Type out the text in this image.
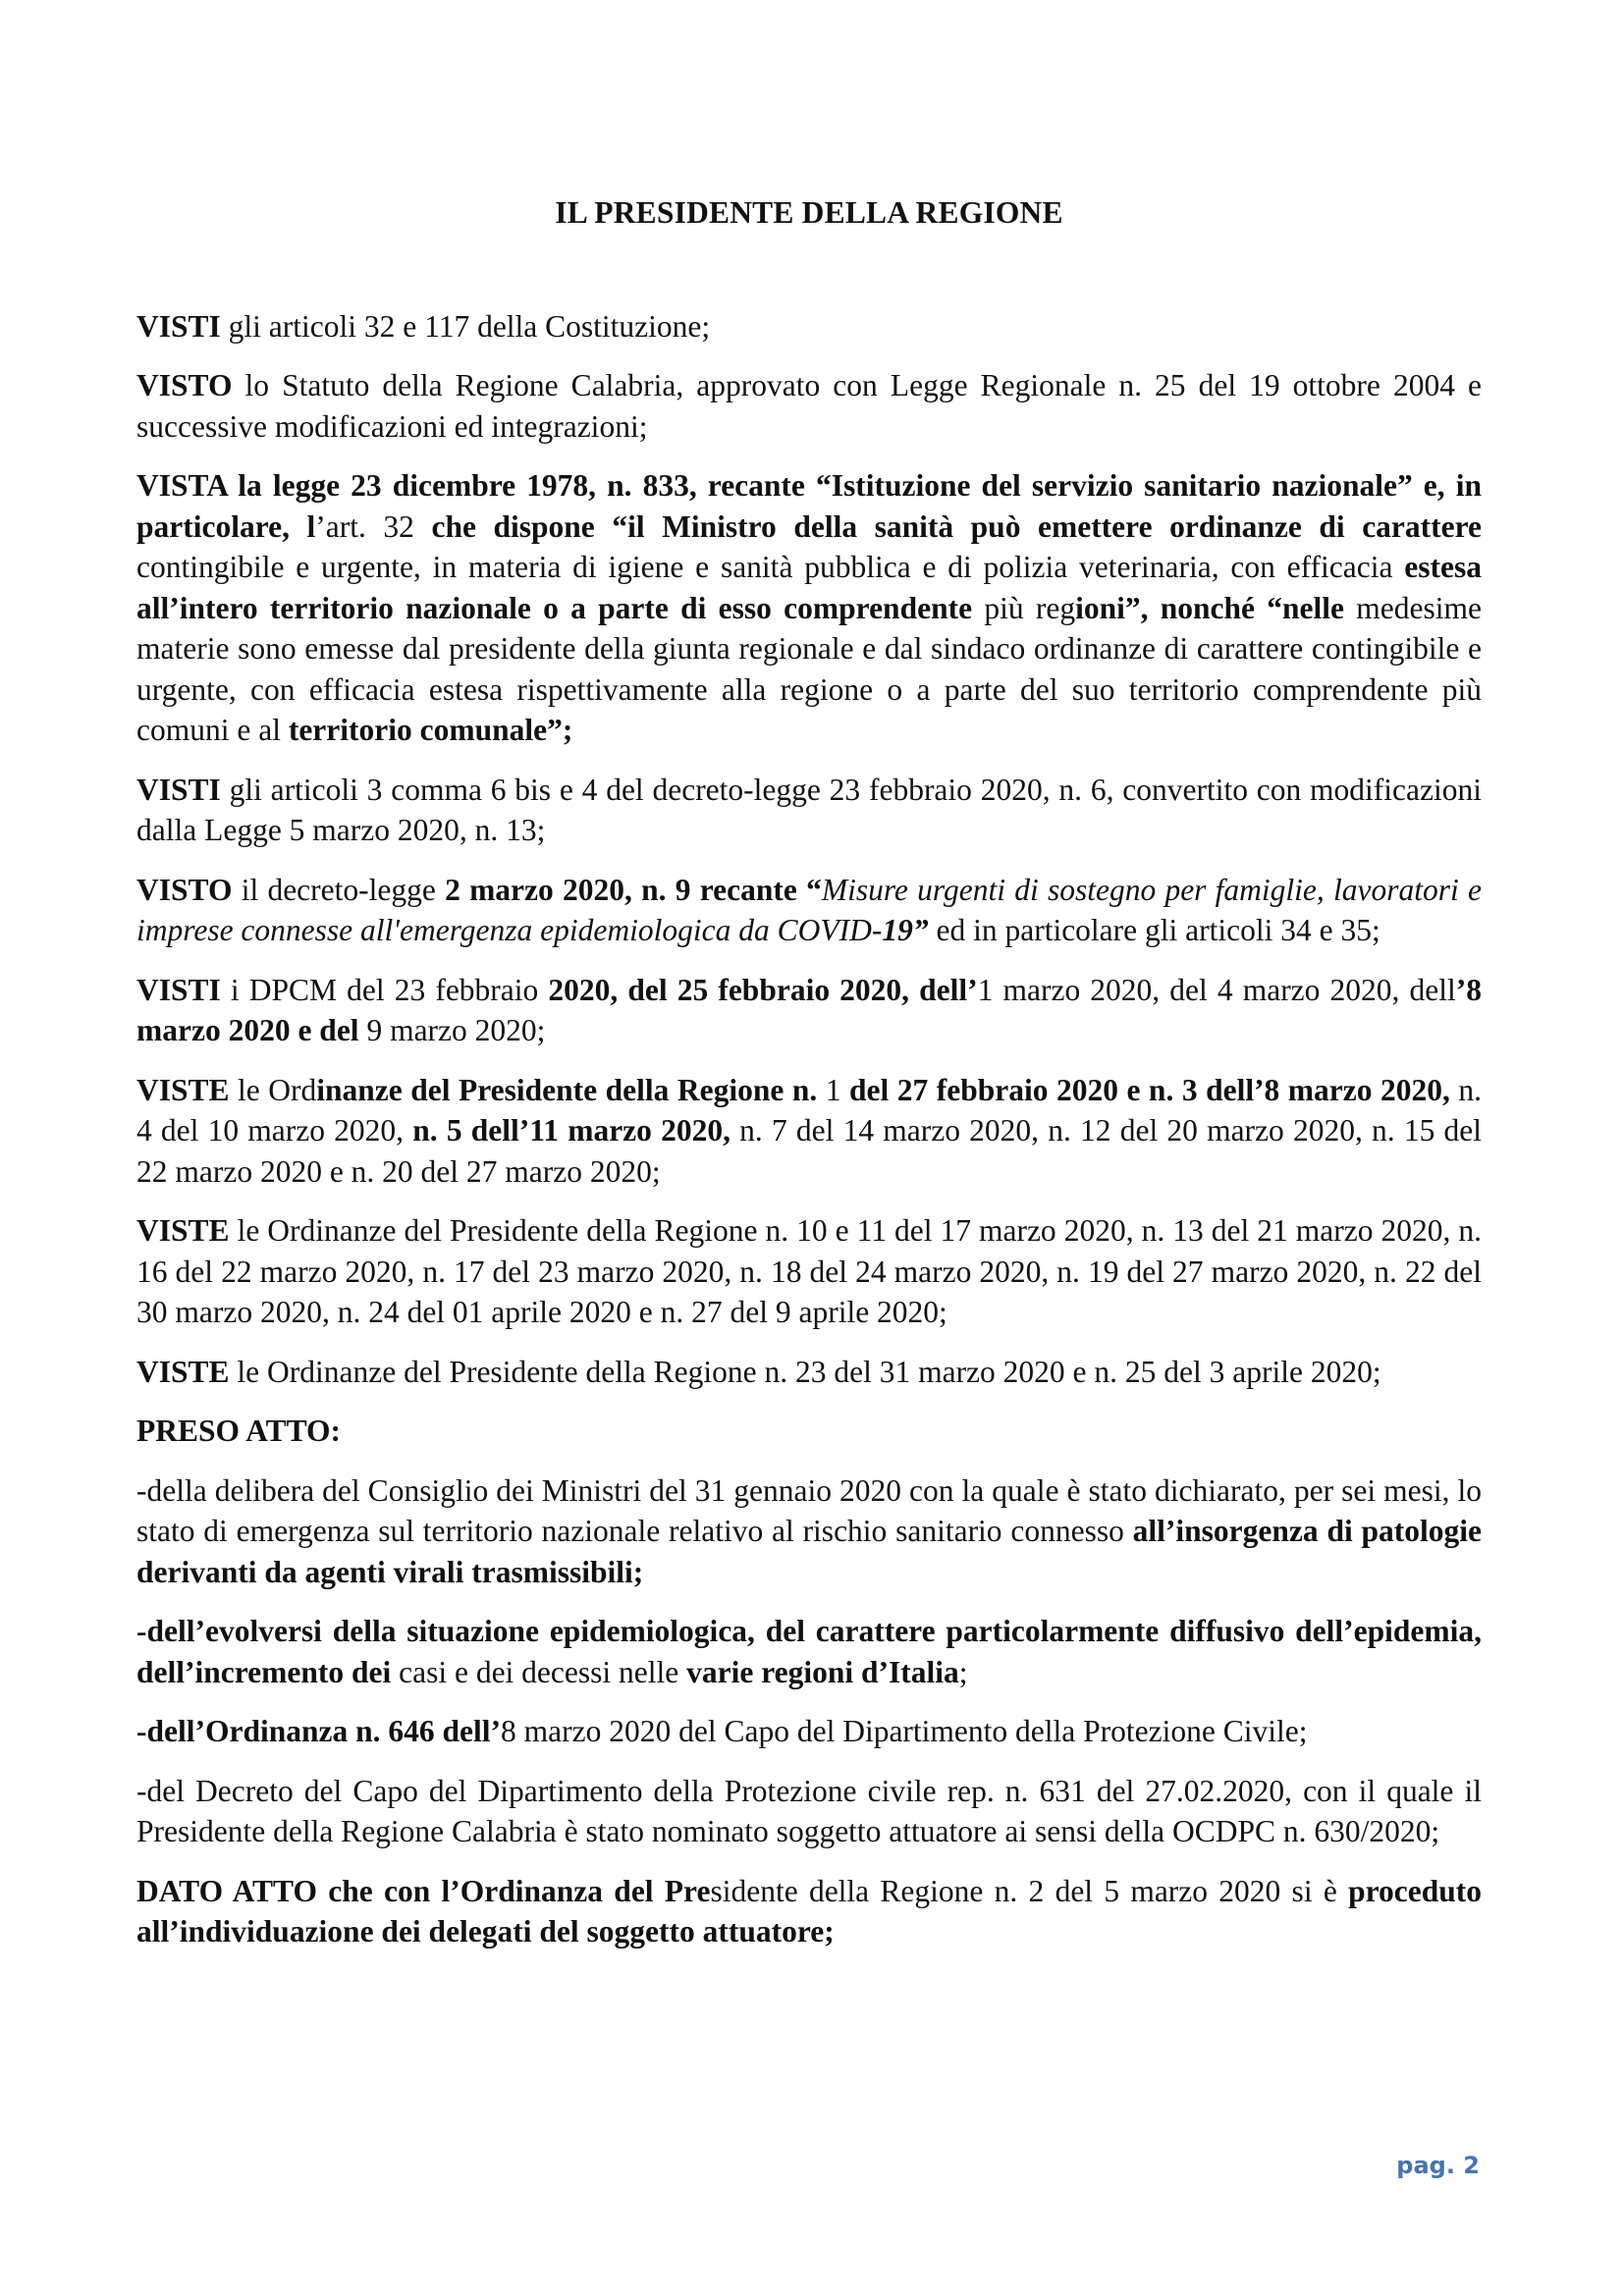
IL PRESIDENTE DELLA REGIONE
VISTI gli articoli 32 e 117 della Costituzione;
VISTO lo Statuto della Regione Calabria, approvato con Legge Regionale n. 25 del 19 ottobre 2004 e successive modificazioni ed integrazioni;
VISTA la legge 23 dicembre 1978, n. 833, recante “Istituzione del servizio sanitario nazionale” e, in particolare, l’art. 32 che dispone “il Ministro della sanità può emettere ordinanze di carattere contingibile e urgente, in materia di igiene e sanità pubblica e di polizia veterinaria, con efficacia estesa all’intero territorio nazionale o a parte di esso comprendente più regioni”, nonché “nelle medesime materie sono emesse dal presidente della giunta regionale e dal sindaco ordinanze di carattere contingibile e urgente, con efficacia estesa rispettivamente alla regione o a parte del suo territorio comprendente più comuni e al territorio comunale”;
VISTI gli articoli 3 comma 6 bis e 4 del decreto-legge 23 febbraio 2020, n. 6, convertito con modificazioni dalla Legge 5 marzo 2020, n. 13;
VISTO il decreto-legge 2 marzo 2020, n. 9 recante “Misure urgenti di sostegno per famiglie, lavoratori e imprese connesse all'emergenza epidemiologica da COVID-19” ed in particolare gli articoli 34 e 35;
VISTI i DPCM del 23 febbraio 2020, del 25 febbraio 2020, dell’1 marzo 2020, del 4 marzo 2020, dell’8 marzo 2020 e del 9 marzo 2020;
VISTE le Ordinanze del Presidente della Regione n. 1 del 27 febbraio 2020 e n. 3 dell’8 marzo 2020, n. 4 del 10 marzo 2020, n. 5 dell’11 marzo 2020, n. 7 del 14 marzo 2020, n. 12 del 20 marzo 2020, n. 15 del 22 marzo 2020 e n. 20 del 27 marzo 2020;
VISTE le Ordinanze del Presidente della Regione n. 10 e 11 del 17 marzo 2020, n. 13 del 21 marzo 2020, n. 16 del 22 marzo 2020, n. 17 del 23 marzo 2020, n. 18 del 24 marzo 2020, n. 19 del 27 marzo 2020, n. 22 del 30 marzo 2020, n. 24 del 01 aprile 2020 e n. 27 del 9 aprile 2020;
VISTE le Ordinanze del Presidente della Regione n. 23 del 31 marzo 2020 e n. 25 del 3 aprile 2020;
PRESO ATTO:
-della delibera del Consiglio dei Ministri del 31 gennaio 2020 con la quale è stato dichiarato, per sei mesi, lo stato di emergenza sul territorio nazionale relativo al rischio sanitario connesso all’insorgenza di patologie derivanti da agenti virali trasmissibili;
-dell’evolversi della situazione epidemiologica, del carattere particolarmente diffusivo dell’epidemia, dell’incremento dei casi e dei decessi nelle varie regioni d’Italia;
-dell’Ordinanza n. 646 dell’8 marzo 2020 del Capo del Dipartimento della Protezione Civile;
-del Decreto del Capo del Dipartimento della Protezione civile rep. n. 631 del 27.02.2020, con il quale il Presidente della Regione Calabria è stato nominato soggetto attuatore ai sensi della OCDPC n. 630/2020;
DATO ATTO che con l’Ordinanza del Presidente della Regione n. 2 del 5 marzo 2020 si è proceduto all’individuazione dei delegati del soggetto attuatore;
pag. 2
